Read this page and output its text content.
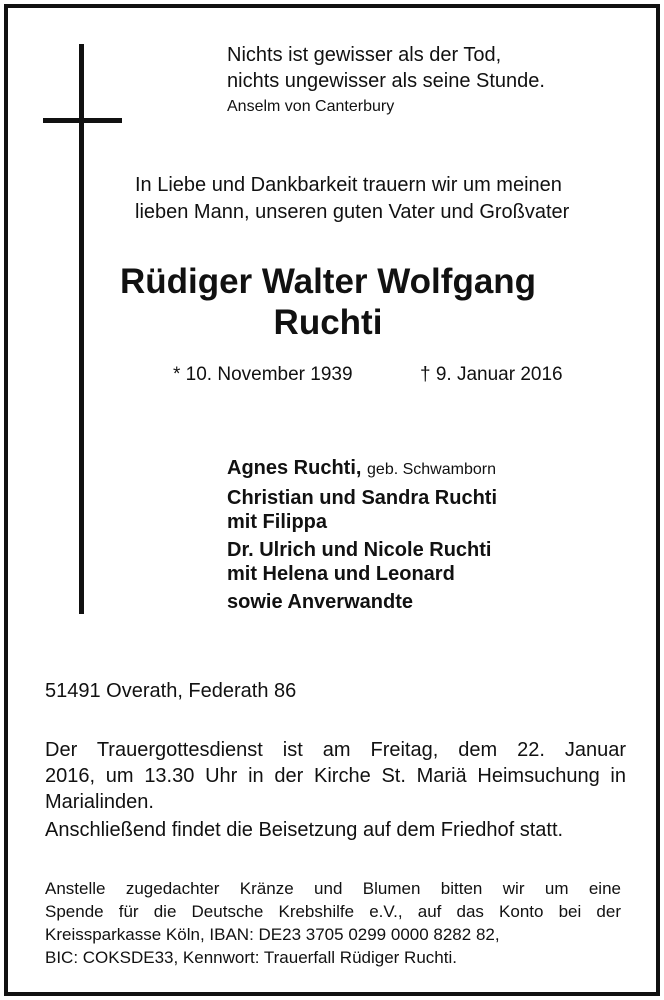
Nichts ist gewisser als der Tod,
nichts ungewisser als seine Stunde.
Anselm von Canterbury
In Liebe und Dankbarkeit trauern wir um meinen
lieben Mann, unseren guten Vater und Großvater
Rüdiger Walter Wolfgang
Ruchti
* 10. November 1939	† 9. Januar 2016
Agnes Ruchti, geb. Schwamborn
Christian und Sandra Ruchti
mit Filippa
Dr. Ulrich und Nicole Ruchti
mit Helena und Leonard
sowie Anverwandte
51491 Overath, Federath 86
Der Trauergottesdienst ist am Freitag, dem 22. Januar
2016, um 13.30 Uhr in der Kirche St. Mariä Heimsuchung in
Marialinden.
Anschließend findet die Beisetzung auf dem Friedhof statt.
Anstelle zugedachter Kränze und Blumen bitten wir um eine
Spende für die Deutsche Krebshilfe e.V., auf das Konto bei der
Kreissparkasse Köln, IBAN: DE23 3705 0299 0000 8282 82,
BIC: COKSDE33, Kennwort: Trauerfall Rüdiger Ruchti.
